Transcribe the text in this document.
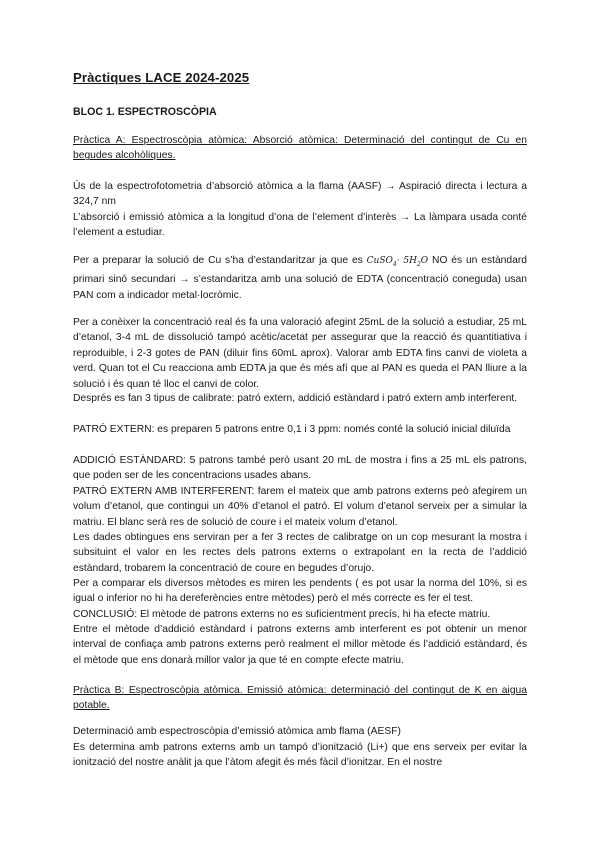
Pràctiques LACE 2024-2025
BLOC 1. ESPECTROSCÒPIA

Pràctica A: Espectroscòpia atòmica: Absorció atòmica: Determinació del contingut de Cu en begudes alcohòliques.

Ús de la espectrofotometria d’absorció atòmica a la flama (AASF) → Aspiració directa i lectura a 324,7 nm

L’absorció i emissió atòmica a la longitud d’ona de l’element d’interès → La làmpara usada conté l’element a estudiar.

Per a preparar la solució de Cu s’ha d’estandaritzar ja que es CuSO$_4$· $5H_2O$ NO és un estàndard primari sinó secundari → s’estandaritza amb una solució de EDTA (concentració coneguda) usan PAN com a indicador metal·locròmic.

Per a conèixer la concentració real és fa una valoració afegint 25mL de la solució a estudiar, 25 mL d’etanol, 3-4 mL de dissolució tampó acètic/acetat per assegurar que la reacció és quantitiativa i reproduible, i 2-3 gotes de PAN (diluir fins 60mL aprox). Valorar amb EDTA fins canvi de violeta a verd. Quan tot el Cu reacciona amb EDTA ja que és més afí que al PAN es queda el PAN lliure a la solució i és quan té lloc el canvi de color.

Després es fan 3 tipus de calibrate: patró extern, addició estàndard i patró extern amb interferent.

PATRÓ EXTERN: es preparen 5 patrons entre 0,1 i 3 ppm: només conté la solució inicial diluïda

ADDICIÓ ESTÀNDARD: 5 patrons també però usant 20 mL de mostra i fins a 25 mL els patrons, que poden ser de les concentracions usades abans.

PATRÓ EXTERN AMB INTERFERENT: farem el mateix que amb patrons externs peò afegirem un volum d’etanol, que contingui un 40% d’etanol el patró. El volum d’etanol serveix per a simular la matriu. El blanc serà res de solució de coure i el mateix volum d’etanol.

Les dades obtingues ens serviran per a fer 3 rectes de calibratge on un cop mesurant la mostra i subsituint el valor en les rectes dels patrons externs o extrapolant en la recta de l’addició estàndard, trobarem la concentració de coure en begudes d’orujo.

Per a comparar els diversos mètodes es miren les pendents ( es pot usar la norma del 10%, si es igual o inferior no hi ha dereferències entre mètodes) però el més correcte es fer el test.

CONCLUSIÓ: El mètode de patrons externs no es suficientment precís, hi ha efecte matriu.

Entre el mètode d’addició estàndard i patrons externs amb interferent es pot obtenir un menor interval de confiaça amb patrons externs però realment el millor mètode és l’addició estàndard, és el mètode que ens donarà millor valor ja que té en compte efecte matriu.

Pràctica B: Espectroscòpia atòmica. Emissió atòmica: determinació del contingut de K en aigua potable.

Determinació amb espectroscòpia d’emissió atòmica amb flama (AESF)

Es determina amb patrons externs amb un tampó d’ionització (Li+) que ens serveix per evitar la ionització del nostre anàlit ja que l’àtom afegit és més fàcil d’ionitzar. En el nostre
